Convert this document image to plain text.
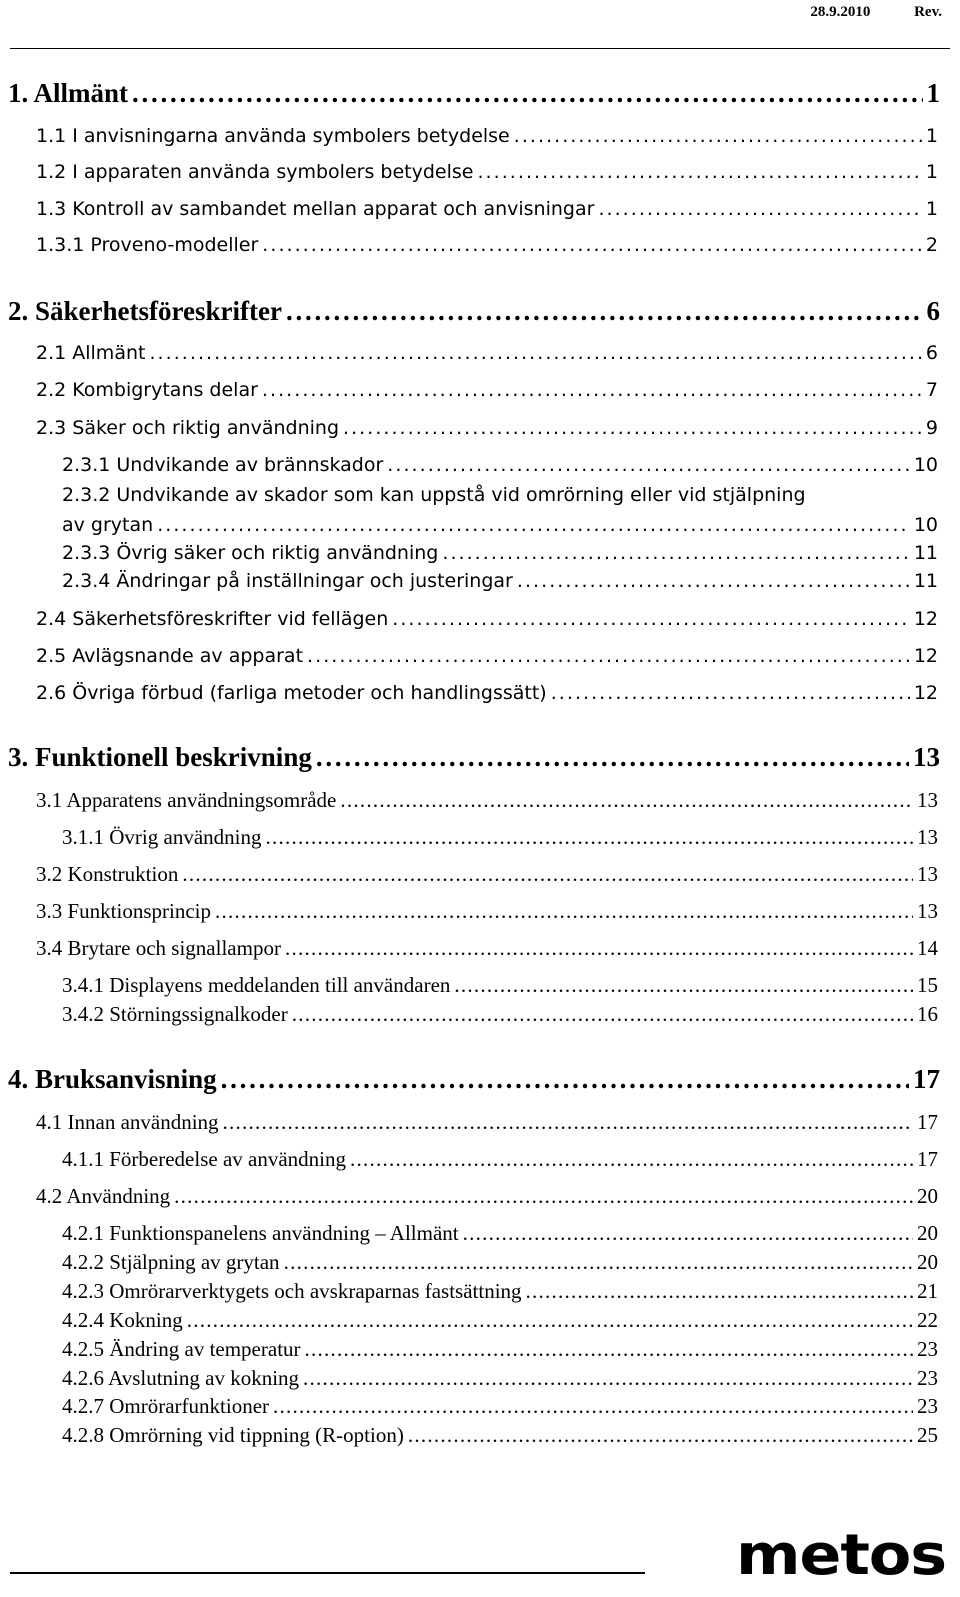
28.9.2010	Rev.
1. Allmänt . . .	1
1.1 I anvisningarna använda symbolers betydelse . . .	1
1.2 I apparaten använda symbolers betydelse . . .	1
1.3 Kontroll av sambandet mellan apparat och anvisningar . . .	1
1.3.1 Proveno-modeller . . .	2
2. Säkerhetsföreskrifter . . .	6
2.1 Allmänt . . .	6
2.2 Kombigrytans delar . . .	7
2.3 Säker och riktig användning . . .	9
2.3.1 Undvikande av brännskador . . .	10
2.3.2 Undvikande av skador som kan uppstå vid omrörning eller vid stjälpning
av grytan . . .	10
2.3.3 Övrig säker och riktig användning . . .	11
2.3.4 Ändringar på inställningar och justeringar . . .	11
2.4 Säkerhetsföreskrifter vid fellägen . . .	12
2.5 Avlägsnande av apparat . . .	12
2.6 Övriga förbud (farliga metoder och handlingssätt) . . .	12
3. Funktionell beskrivning . . .	13
3.1 Apparatens användningsområde . . .	13
3.1.1 Övrig användning . . .	13
3.2 Konstruktion . . .	13
3.3 Funktionsprincip . . .	13
3.4 Brytare och signallampor . . .	14
3.4.1 Displayens meddelanden till användaren . . .	15
3.4.2 Störningssignalkoder . . .	16
4. Bruksanvisning . . .	17
4.1 Innan användning . . .	17
4.1.1 Förberedelse av användning . . .	17
4.2 Användning . . .	20
4.2.1 Funktionspanelens användning – Allmänt . . .	20
4.2.2 Stjälpning av grytan . . .	20
4.2.3 Omrörarverktygets och avskraparnas fastsättning . . .	21
4.2.4 Kokning . . .	22
4.2.5 Ändring av temperatur . . .	23
4.2.6 Avslutning av kokning . . .	23
4.2.7 Omrörarfunktioner . . .	23
4.2.8 Omrörning vid tippning (R-option) . . .	25
metos
